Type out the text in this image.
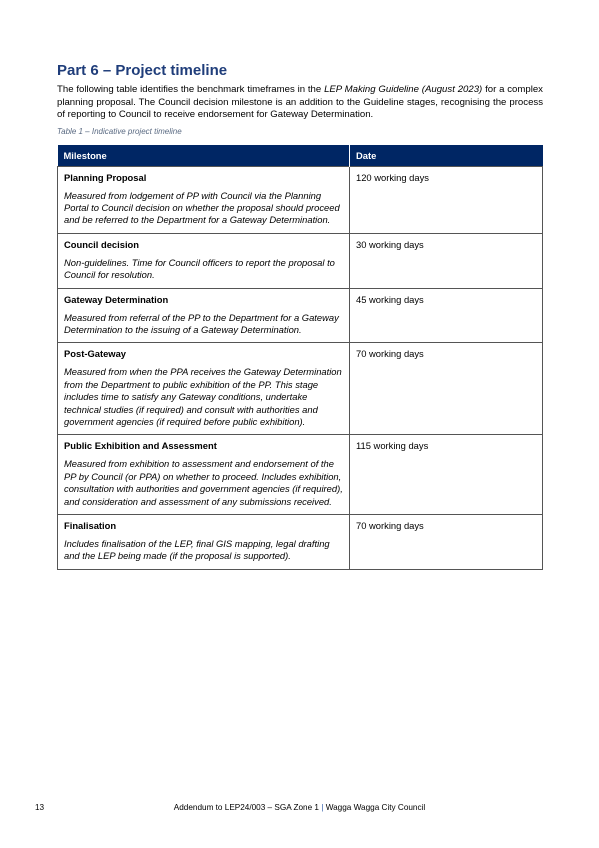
Part 6 – Project timeline

The following table identifies the benchmark timeframes in the LEP Making Guideline (August 2023) for a complex planning proposal. The Council decision milestone is an addition to the Guideline stages, recognising the process of reporting to Council to receive endorsement for Gateway Determination.

Table 1 – Indicative project timeline
Milestone	Date

Planning Proposal
Measured from lodgement of PP with Council via the Planning Portal to Council decision on whether the proposal should proceed and be referred to the Department for a Gateway Determination.	120 working days

Council decision
Non-guidelines. Time for Council officers to report the proposal to Council for resolution.	30 working days

Gateway Determination
Measured from referral of the PP to the Department for a Gateway Determination to the issuing of a Gateway Determination.	45 working days

Post-Gateway
Measured from when the PPA receives the Gateway Determination from the Department to public exhibition of the PP. This stage includes time to satisfy any Gateway conditions, undertake technical studies (if required) and consult with authorities and government agencies (if required before public exhibition).	70 working days

Public Exhibition and Assessment
Measured from exhibition to assessment and endorsement of the PP by Council (or PPA) on whether to proceed. Includes exhibition, consultation with authorities and government agencies (if required), and consideration and assessment of any submissions received.	115 working days

Finalisation
Includes finalisation of the LEP, final GIS mapping, legal drafting and the LEP being made (if the proposal is supported).	70 working days
13	Addendum to LEP24/003 – SGA Zone 1 | Wagga Wagga City Council
